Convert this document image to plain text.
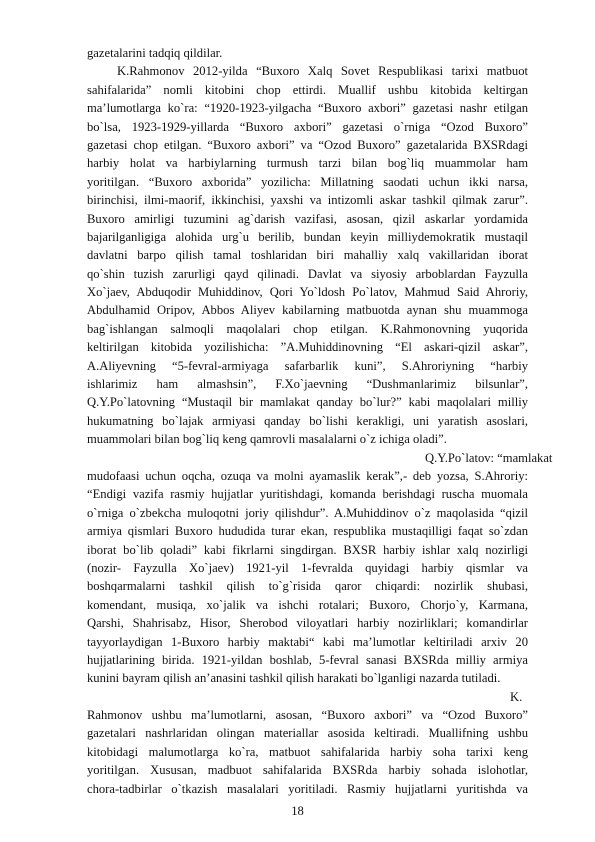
gazetalarini tadqiq qildilar.
K.Rahmonov 2012-yilda “Buxoro Xalq Sovet Respublikasi tarixi matbuot
sahifalarida” nomli kitobini chop ettirdi. Muallif ushbu kitobida keltirgan
ma’lumotlarga ko`ra: “1920-1923-yilgacha “Buxoro axbori” gazetasi nashr etilgan
bo`lsa, 1923-1929-yillarda “Buxoro axbori” gazetasi o`rniga “Ozod Buxoro”
gazetasi chop etilgan. “Buxoro axbori” va “Ozod Buxoro” gazetalarida BXSRdagi
harbiy holat va harbiylarning turmush tarzi bilan bog`liq muammolar ham
yoritilgan. “Buxoro axborida” yozilicha: Millatning saodati uchun ikki narsa,
birinchisi, ilmi-maorif, ikkinchisi, yaxshi va intizomli askar tashkil qilmak zarur”.
Buxoro amirligi tuzumini ag`darish vazifasi, asosan, qizil askarlar yordamida
bajarilganligiga alohida urg`u berilib, bundan keyin milliydemokratik mustaqil
davlatni barpo qilish tamal toshlaridan biri mahalliy xalq vakillaridan iborat
qo`shin tuzish zarurligi qayd qilinadi. Davlat va siyosiy arboblardan Fayzulla
Xo`jaev, Abduqodir Muhiddinov, Qori Yo`ldosh Po`latov, Mahmud Said Ahroriy,
Abdulhamid Oripov, Abbos Aliyev kabilarning matbuotda aynan shu muammoga
bag`ishlangan salmoqli maqolalari chop etilgan. K.Rahmonovning yuqorida
keltirilgan kitobida yozilishicha: ”A.Muhiddinovning “El askari-qizil askar”,
A.Aliyevning “5-fevral-armiyaga safarbarlik kuni”, S.Ahroriyning “harbiy
ishlarimiz ham almashsin”, F.Xo`jaevning “Dushmanlarimiz bilsunlar”,
Q.Y.Po`latovning “Mustaqil bir mamlakat qanday bo`lur?” kabi maqolalari milliy
hukumatning bo`lajak armiyasi qanday bo`lishi kerakligi, uni yaratish asoslari,
muammolari bilan bog`liq keng qamrovli masalalarni o`z ichiga oladi”.
Q.Y.Po`latov: “mamlakat
mudofaasi uchun oqcha, ozuqa va molni ayamaslik kerak”,- deb yozsa, S.Ahroriy:
“Endigi vazifa rasmiy hujjatlar yuritishdagi, komanda berishdagi ruscha muomala
o`rniga o`zbekcha muloqotni joriy qilishdur”. A.Muhiddinov o`z maqolasida “qizil
armiya qismlari Buxoro hududida turar ekan, respublika mustaqilligi faqat so`zdan
iborat bo`lib qoladi” kabi fikrlarni singdirgan. BXSR harbiy ishlar xalq nozirligi
(nozir- Fayzulla Xo`jaev) 1921-yil 1-fevralda quyidagi harbiy qismlar va
boshqarmalarni tashkil qilish to`g`risida qaror chiqardi: nozirlik shubasi,
komendant, musiqa, xo`jalik va ishchi rotalari; Buxoro, Chorjo`y, Karmana,
Qarshi, Shahrisabz, Hisor, Sherobod viloyatlari harbiy nozirliklari; komandirlar
tayyorlaydigan 1-Buxoro harbiy maktabi“ kabi ma’lumotlar keltiriladi arxiv 20
hujjatlarining birida. 1921-yildan boshlab, 5-fevral sanasi BXSRda milliy armiya
kunini bayram qilish an’anasini tashkil qilish harakati bo`lganligi nazarda tutiladi.
K.
Rahmonov ushbu ma’lumotlarni, asosan, “Buxoro axbori” va “Ozod Buxoro”
gazetalari nashrlaridan olingan materiallar asosida keltiradi. Muallifning ushbu
kitobidagi malumotlarga ko`ra, matbuot sahifalarida harbiy soha tarixi keng
yoritilgan. Xususan, madbuot sahifalarida BXSRda harbiy sohada islohotlar,
chora-tadbirlar o`tkazish masalalari yoritiladi. Rasmiy hujjatlarni yuritishda va
18
